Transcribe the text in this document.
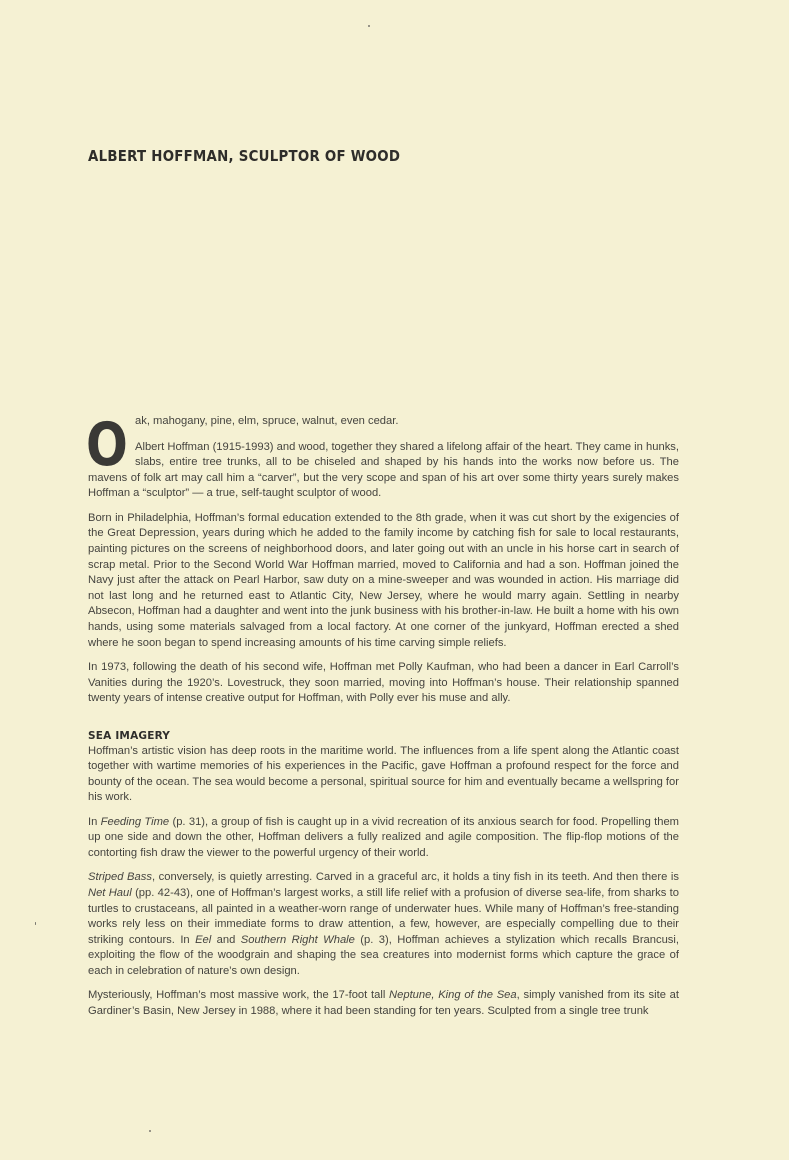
ALBERT HOFFMAN, SCULPTOR OF WOOD
O ak, mahogany, pine, elm, spruce, walnut, even cedar.

Albert Hoffman (1915-1993) and wood, together they shared a lifelong affair of the heart. They came in hunks, slabs, entire tree trunks, all to be chiseled and shaped by his hands into the works now before us. The mavens of folk art may call him a “carver”, but the very scope and span of his art over some thirty years surely makes Hoffman a “sculptor” — a true, self-taught sculptor of wood.

Born in Philadelphia, Hoffman’s formal education extended to the 8th grade, when it was cut short by the exigencies of the Great Depression, years during which he added to the family income by catching fish for sale to local restaurants, painting pictures on the screens of neighborhood doors, and later going out with an uncle in his horse cart in search of scrap metal. Prior to the Second World War Hoffman married, moved to California and had a son. Hoffman joined the Navy just after the attack on Pearl Harbor, saw duty on a mine-sweeper and was wounded in action. His marriage did not last long and he returned east to Atlantic City, New Jersey, where he would marry again. Settling in nearby Absecon, Hoffman had a daughter and went into the junk business with his brother-in-law. He built a home with his own hands, using some materials salvaged from a local factory. At one corner of the junkyard, Hoffman erected a shed where he soon began to spend increasing amounts of his time carving simple reliefs.

In 1973, following the death of his second wife, Hoffman met Polly Kaufman, who had been a dancer in Earl Carroll’s Vanities during the 1920’s. Lovestruck, they soon married, moving into Hoffman’s house. Their relationship spanned twenty years of intense creative output for Hoffman, with Polly ever his muse and ally.

SEA IMAGERY

Hoffman’s artistic vision has deep roots in the maritime world. The influences from a life spent along the Atlantic coast together with wartime memories of his experiences in the Pacific, gave Hoffman a profound respect for the force and bounty of the ocean. The sea would become a personal, spiritual source for him and eventually became a wellspring for his work.

In Feeding Time (p. 31), a group of fish is caught up in a vivid recreation of its anxious search for food. Propelling them up one side and down the other, Hoffman delivers a fully realized and agile composition. The flip-flop motions of the contorting fish draw the viewer to the powerful urgency of their world.

Striped Bass, conversely, is quietly arresting. Carved in a graceful arc, it holds a tiny fish in its teeth. And then there is Net Haul (pp. 42-43), one of Hoffman’s largest works, a still life relief with a profusion of diverse sea-life, from sharks to turtles to crustaceans, all painted in a weather-worn range of underwater hues. While many of Hoffman’s free-standing works rely less on their immediate forms to draw attention, a few, however, are especially compelling due to their striking contours. In Eel and Southern Right Whale (p. 3), Hoffman achieves a stylization which recalls Brancusi, exploiting the flow of the woodgrain and shaping the sea creatures into modernist forms which capture the grace of each in celebration of nature’s own design.

Mysteriously, Hoffman’s most massive work, the 17-foot tall Neptune, King of the Sea, simply vanished from its site at Gardiner’s Basin, New Jersey in 1988, where it had been standing for ten years. Sculpted from a single tree trunk
